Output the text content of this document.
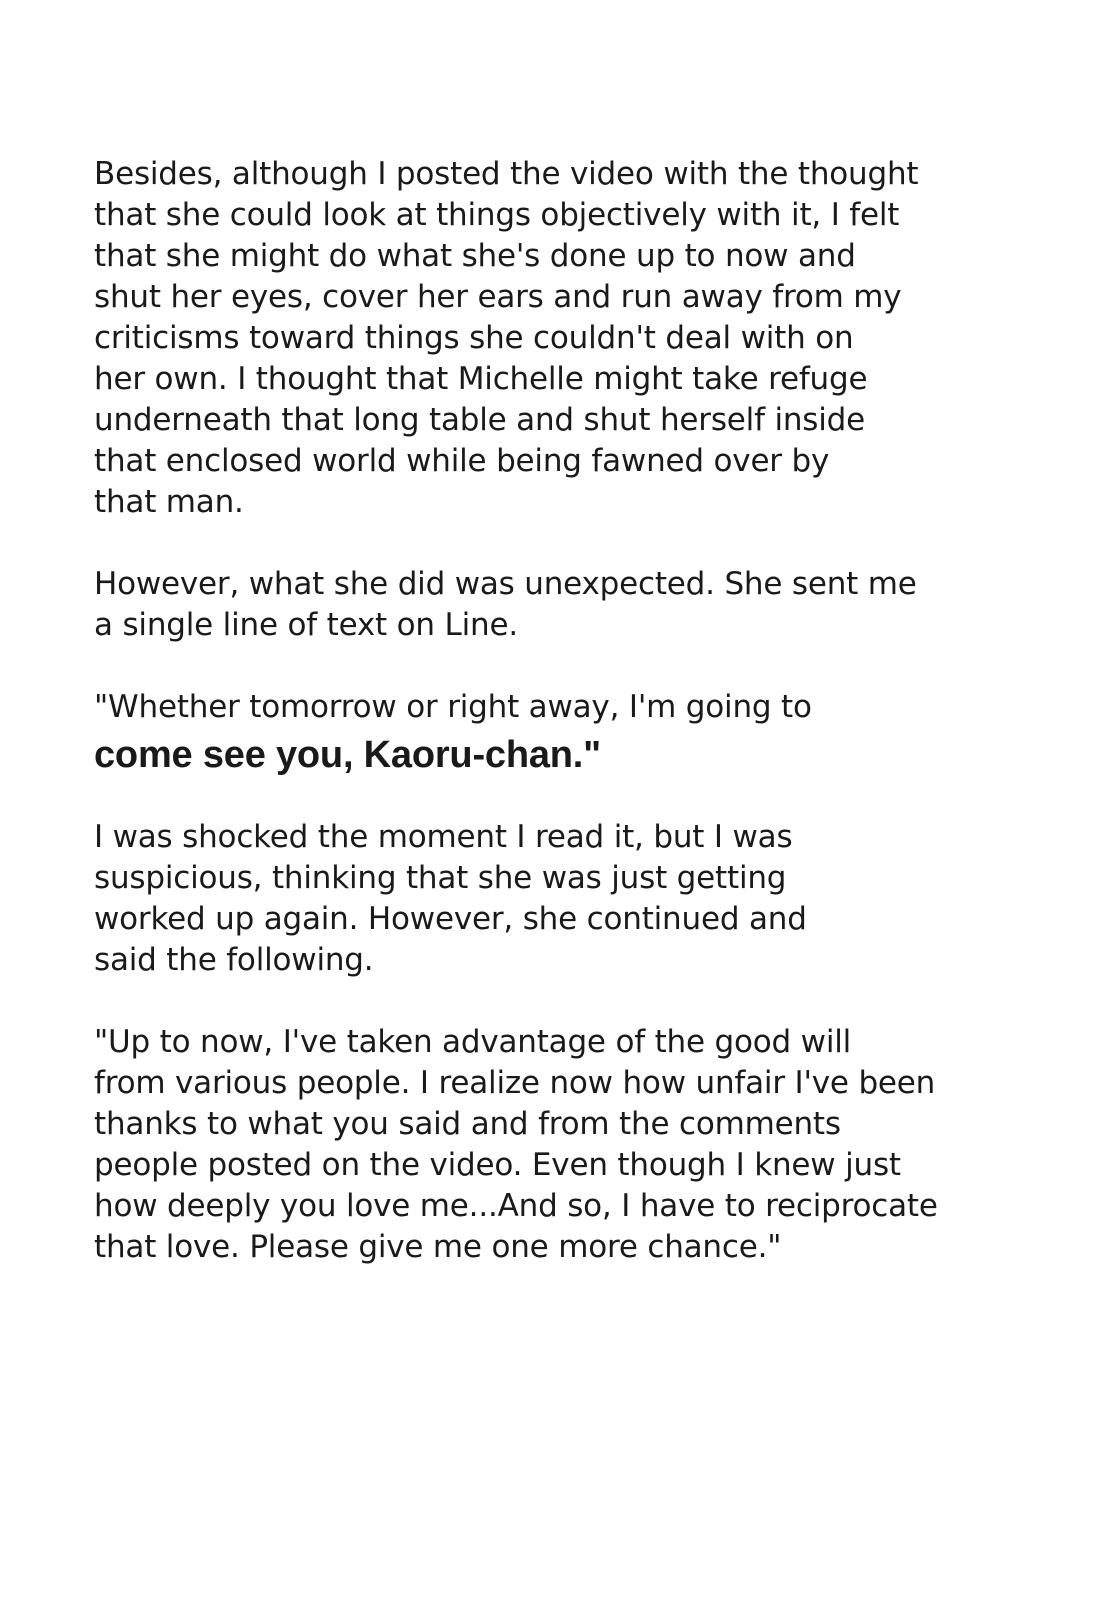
Besides, although I posted the video with the thought
that she could look at things objectively with it, I felt
that she might do what she's done up to now and
shut her eyes, cover her ears and run away from my
criticisms toward things she couldn't deal with on
her own. I thought that Michelle might take refuge
underneath that long table and shut herself inside
that enclosed world while being fawned over by
that man.
However, what she did was unexpected. She sent me
a single line of text on Line.
"Whether tomorrow or right away, I'm going to
come see you, Kaoru-chan."
I was shocked the moment I read it, but I was
suspicious, thinking that she was just getting
worked up again. However, she continued and
said the following.
"Up to now, I've taken advantage of the good will
from various people. I realize now how unfair I've been
thanks to what you said and from the comments
people posted on the video. Even though I knew just
how deeply you love me...And so, I have to reciprocate
that love. Please give me one more chance."
